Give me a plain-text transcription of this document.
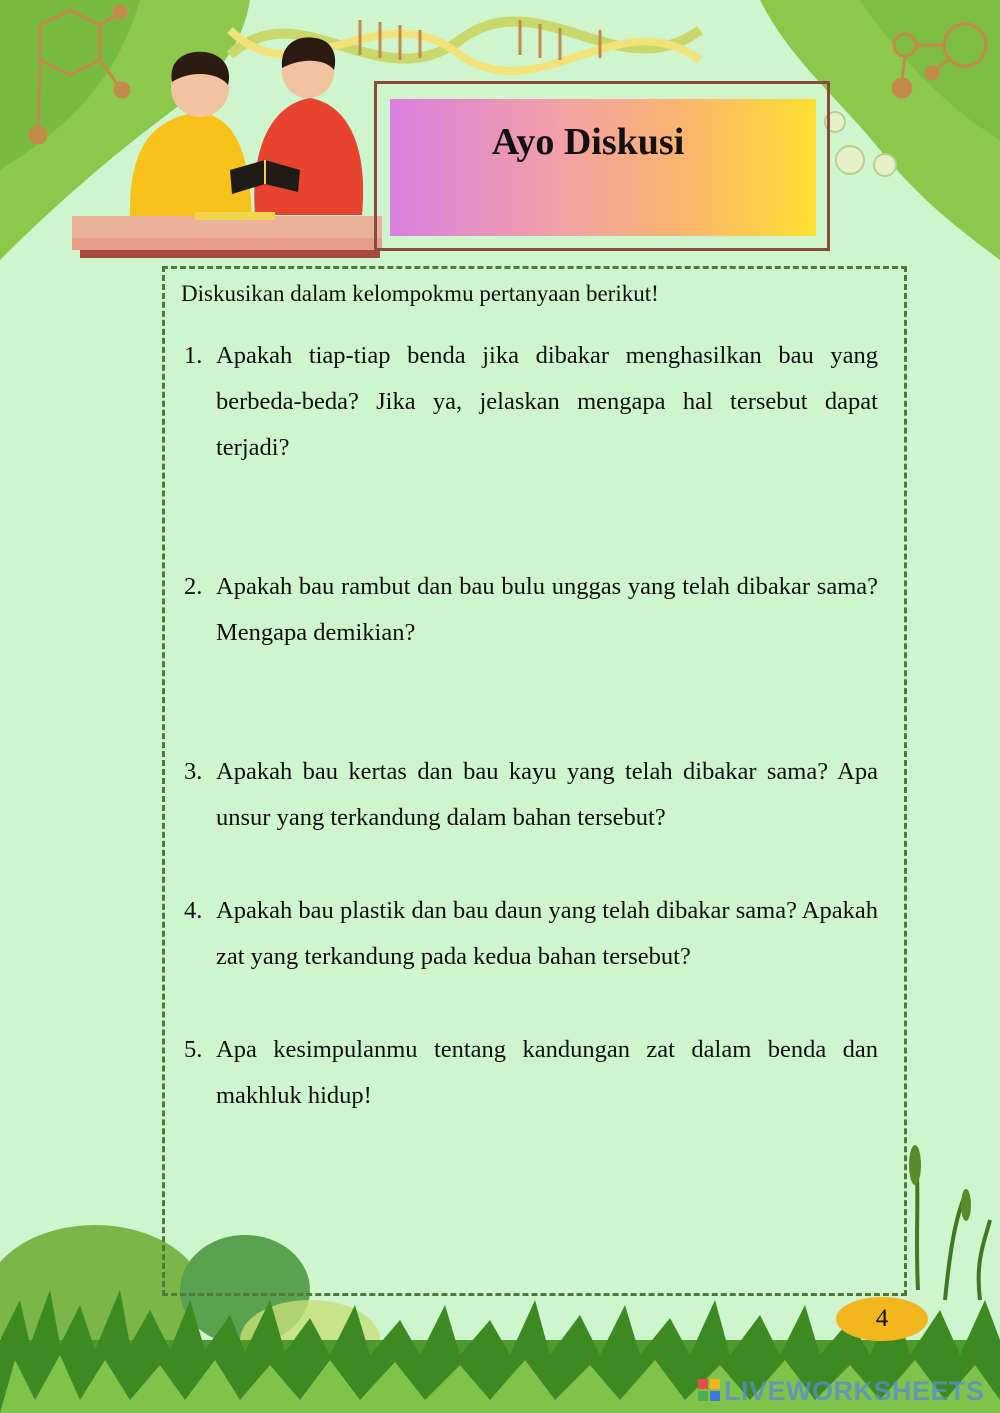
Ayo Diskusi
Diskusikan dalam kelompokmu pertanyaan berikut!
1. Apakah tiap-tiap benda jika dibakar menghasilkan bau yang berbeda-beda? Jika ya, jelaskan mengapa hal tersebut dapat terjadi?
2. Apakah bau rambut dan bau bulu unggas yang telah dibakar sama? Mengapa demikian?
3. Apakah bau kertas dan bau kayu yang telah dibakar sama? Apa unsur yang terkandung dalam bahan tersebut?
4. Apakah bau plastik dan bau daun yang telah dibakar sama? Apakah zat yang terkandung pada kedua bahan tersebut?
5. Apa kesimpulanmu tentang kandungan zat dalam benda dan makhluk hidup!
4
LIVEWORKSHEETS
